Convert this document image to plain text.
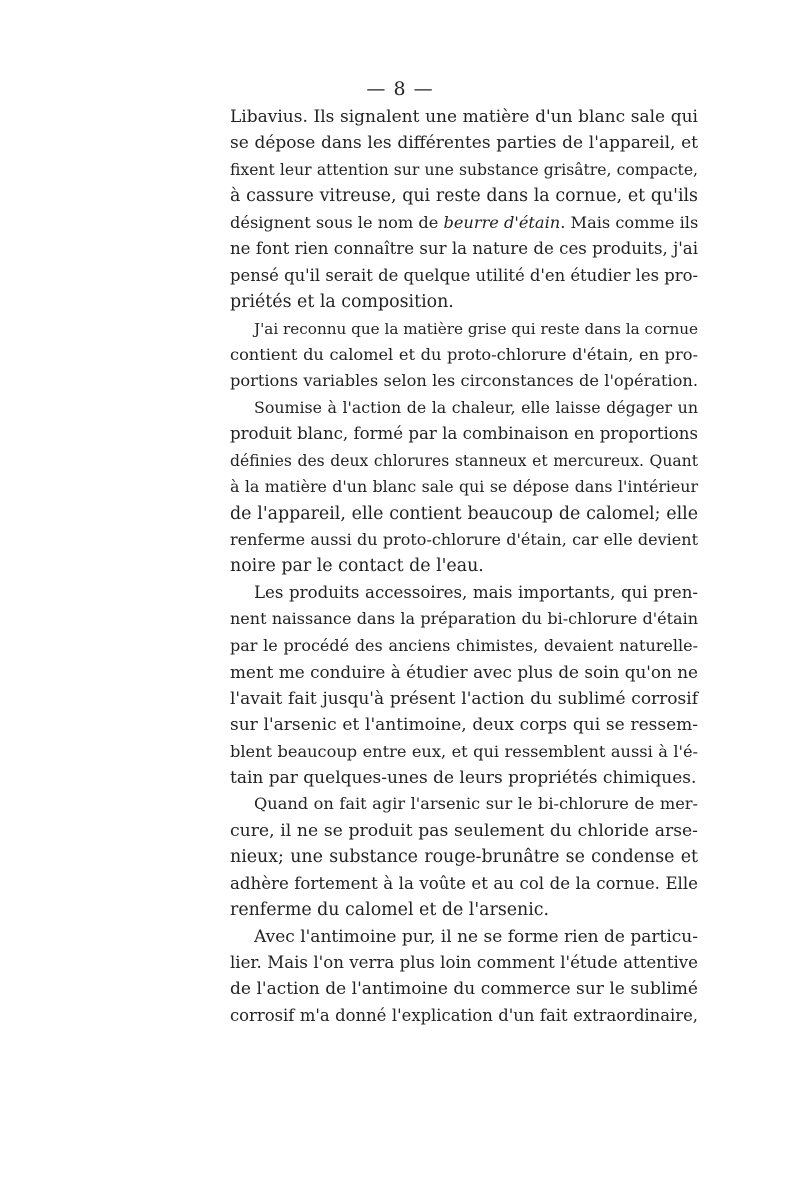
— 8 —
Libavius. Ils signalent une matière d'un blanc sale qui
se dépose dans les différentes parties de l'appareil, et
fixent leur attention sur une substance grisâtre, compacte,
à cassure vitreuse, qui reste dans la cornue, et qu'ils
désignent sous le nom de beurre d'étain. Mais comme ils
ne font rien connaître sur la nature de ces produits, j'ai
pensé qu'il serait de quelque utilité d'en étudier les pro-
priétés et la composition.
J'ai reconnu que la matière grise qui reste dans la cornue
contient du calomel et du proto-chlorure d'étain, en pro-
portions variables selon les circonstances de l'opération.
Soumise à l'action de la chaleur, elle laisse dégager un
produit blanc, formé par la combinaison en proportions
définies des deux chlorures stanneux et mercureux. Quant
à la matière d'un blanc sale qui se dépose dans l'intérieur
de l'appareil, elle contient beaucoup de calomel; elle
renferme aussi du proto-chlorure d'étain, car elle devient
noire par le contact de l'eau.
Les produits accessoires, mais importants, qui pren-
nent naissance dans la préparation du bi-chlorure d'étain
par le procédé des anciens chimistes, devaient naturelle-
ment me conduire à étudier avec plus de soin qu'on ne
l'avait fait jusqu'à présent l'action du sublimé corrosif
sur l'arsenic et l'antimoine, deux corps qui se ressem-
blent beaucoup entre eux, et qui ressemblent aussi à l'é-
tain par quelques-unes de leurs propriétés chimiques.
Quand on fait agir l'arsenic sur le bi-chlorure de mer-
cure, il ne se produit pas seulement du chloride arse-
nieux; une substance rouge-brunâtre se condense et
adhère fortement à la voûte et au col de la cornue. Elle
renferme du calomel et de l'arsenic.
Avec l'antimoine pur, il ne se forme rien de particu-
lier. Mais l'on verra plus loin comment l'étude attentive
de l'action de l'antimoine du commerce sur le sublimé
corrosif m'a donné l'explication d'un fait extraordinaire,
